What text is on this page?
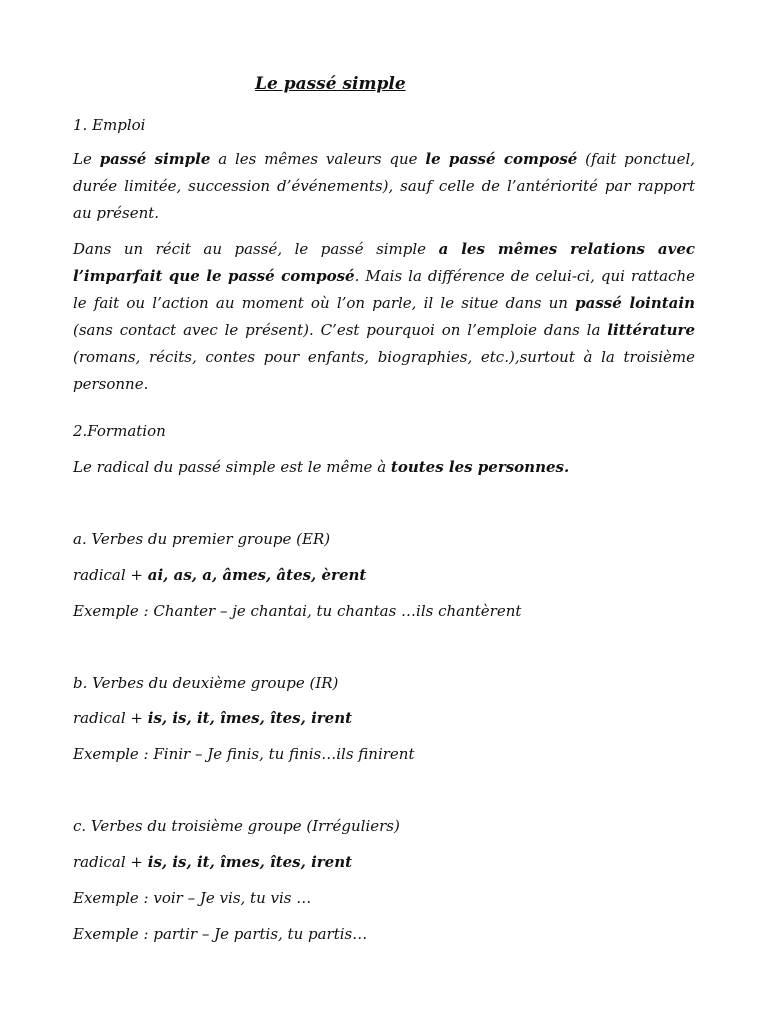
Le passé simple
1. Emploi
Le passé simple a les mêmes valeurs que le passé composé (fait ponctuel, durée limitée, succession d’événements), sauf celle de l’antériorité par rapport au présent.
Dans un récit au passé, le passé simple a les mêmes relations avec l’imparfait que le passé composé. Mais la différence de celui-ci, qui rattache le fait ou l’action au moment où l’on parle, il le situe dans un passé lointain (sans contact avec le présent). C’est pourquoi on l’emploie dans la littérature (romans, récits, contes pour enfants, biographies, etc.),surtout à la troisième personne.
2.Formation
Le radical du passé simple est le même à toutes les personnes.
a. Verbes du premier groupe (ER)
radical + ai, as, a, âmes, âtes, èrent
Exemple : Chanter – je chantai, tu chantas …ils chantèrent
b. Verbes du deuxième groupe (IR)
radical + is, is, it, îmes, îtes, irent
Exemple : Finir – Je finis, tu finis…ils finirent
c. Verbes du troisième groupe (Irréguliers)
radical + is, is, it, îmes, îtes, irent
Exemple : voir – Je vis, tu vis …
Exemple : partir – Je partis, tu partis…
